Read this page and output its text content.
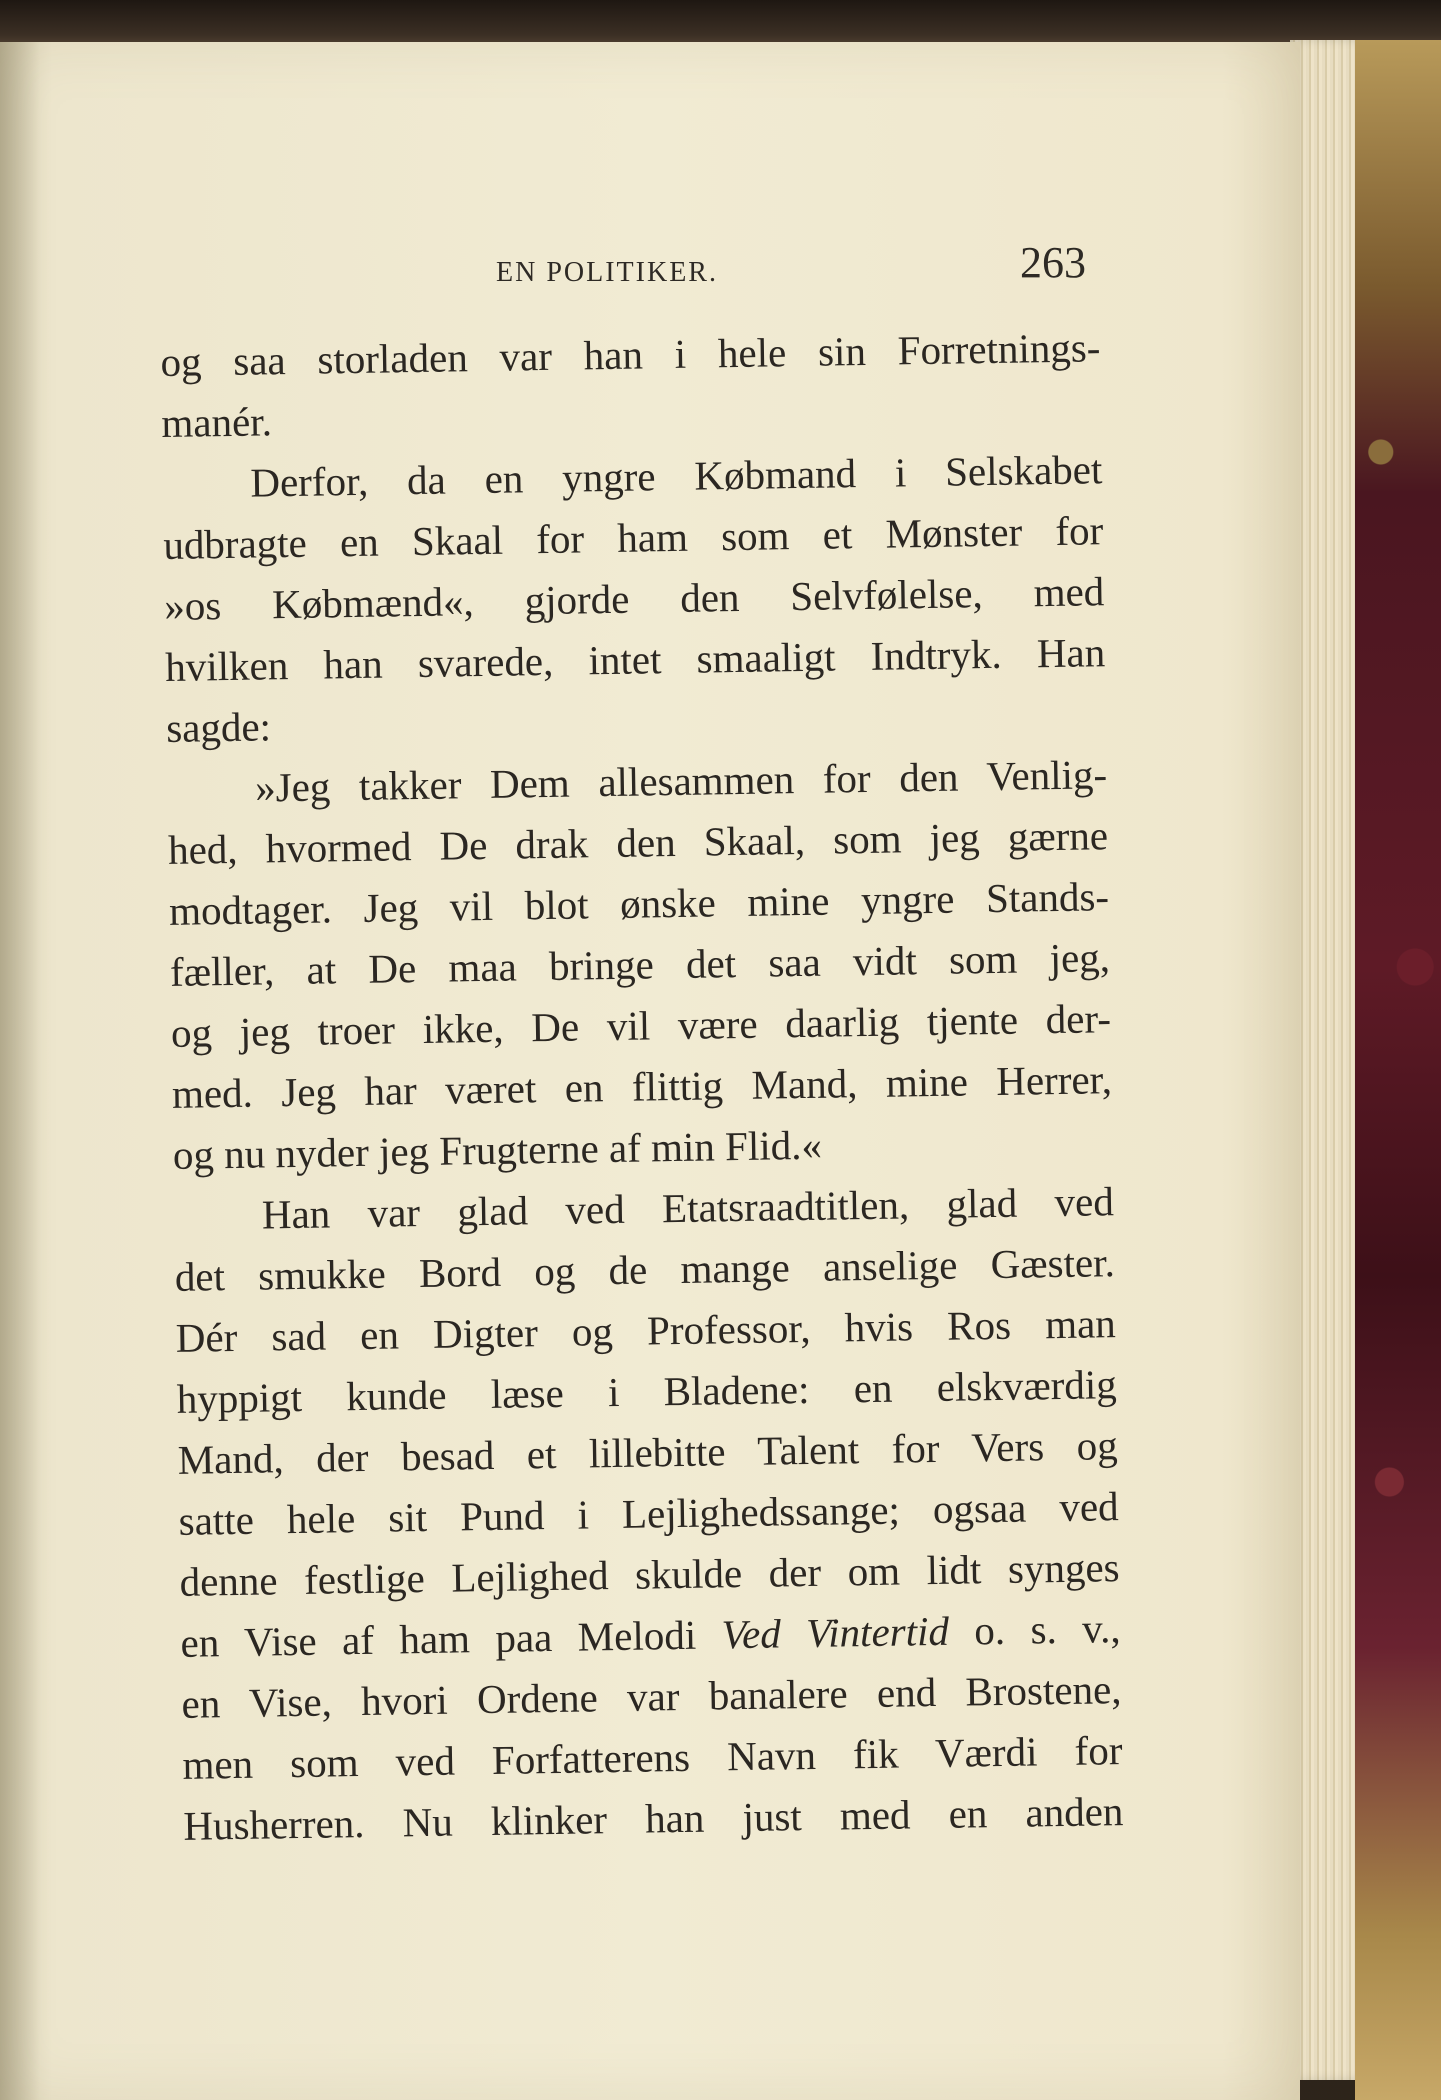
EN POLITIKER.	263
og saa storladen var han i hele sin Forretnings-
manér.
Derfor, da en yngre Købmand i Selskabet
udbragte en Skaal for ham som et Mønster for
»os Købmænd«, gjorde den Selvfølelse, med
hvilken han svarede, intet smaaligt Indtryk. Han
sagde:
»Jeg takker Dem allesammen for den Venlig-
hed, hvormed De drak den Skaal, som jeg gærne
modtager. Jeg vil blot ønske mine yngre Stands-
fæller, at De maa bringe det saa vidt som jeg,
og jeg troer ikke, De vil være daarlig tjente der-
med. Jeg har været en flittig Mand, mine Herrer,
og nu nyder jeg Frugterne af min Flid.«
Han var glad ved Etatsraadtitlen, glad ved
det smukke Bord og de mange anselige Gæster.
Dér sad en Digter og Professor, hvis Ros man
hyppigt kunde læse i Bladene: en elskværdig
Mand, der besad et lillebitte Talent for Vers og
satte hele sit Pund i Lejlighedssange; ogsaa ved
denne festlige Lejlighed skulde der om lidt synges
en Vise af ham paa Melodi Ved Vintertid o. s. v.,
en Vise, hvori Ordene var banalere end Brostene,
men som ved Forfatterens Navn fik Værdi for
Husherren. Nu klinker han just med en anden
